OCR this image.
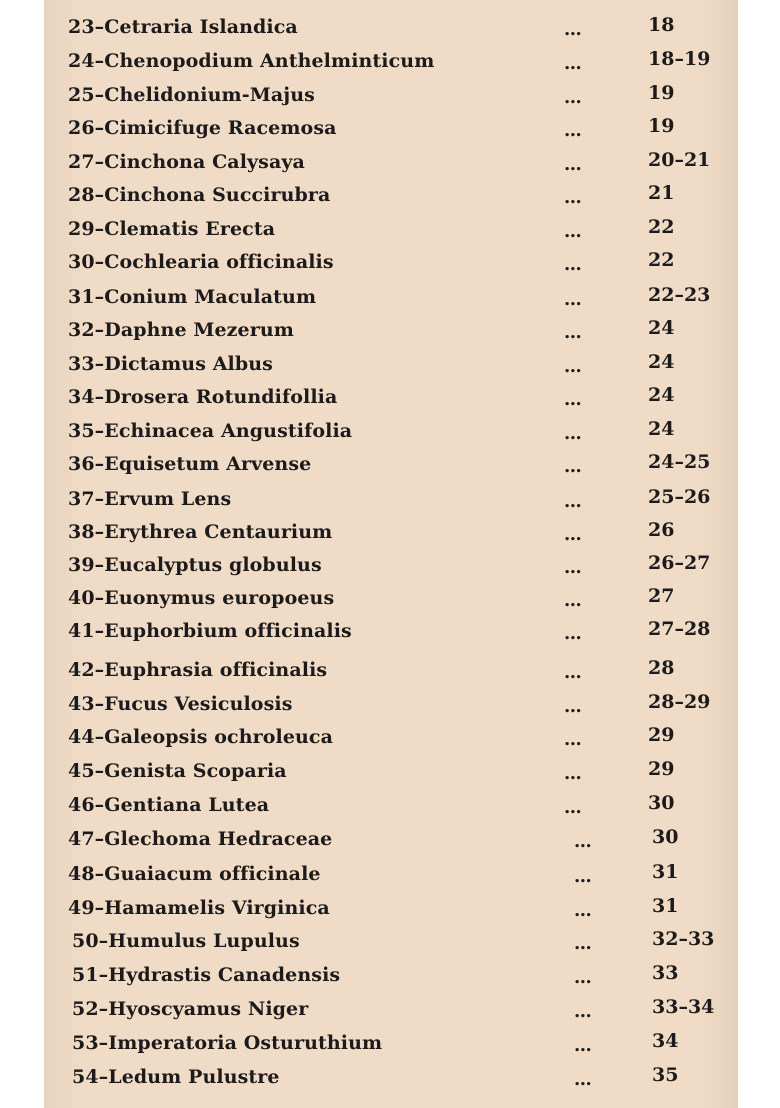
23–Cetraria Islandica	...	18
24–Chenopodium Anthelminticum	...	18–19
25–Chelidonium-Majus	...	19
26–Cimicifuge Racemosa	...	19
27–Cinchona Calysaya	...	20–21
28–Cinchona Succirubra	...	21
29–Clematis Erecta	...	22
30–Cochlearia officinalis	...	22
31–Conium Maculatum	...	22–23
32–Daphne Mezerum	...	24
33–Dictamus Albus	...	24
34–Drosera Rotundifollia	...	24
35–Echinacea Angustifolia	...	24
36–Equisetum Arvense	...	24–25
37–Ervum Lens	...	25–26
38–Erythrea Centaurium	...	26
39–Eucalyptus globulus	...	26–27
40–Euonymus europoeus	...	27
41–Euphorbium officinalis	...	27–28
42–Euphrasia officinalis	...	28
43–Fucus Vesiculosis	...	28–29
44–Galeopsis ochroleuca	...	29
45–Genista Scoparia	...	29
46–Gentiana Lutea	...	30
47–Glechoma Hedraceae	...	30
48–Guaiacum officinale	...	31
49–Hamamelis Virginica	...	31
50–Humulus Lupulus	...	32–33
51–Hydrastis Canadensis	...	33
52–Hyoscyamus Niger	...	33–34
53–Imperatoria Osturuthium	...	34
54–Ledum Pulustre	...	35
